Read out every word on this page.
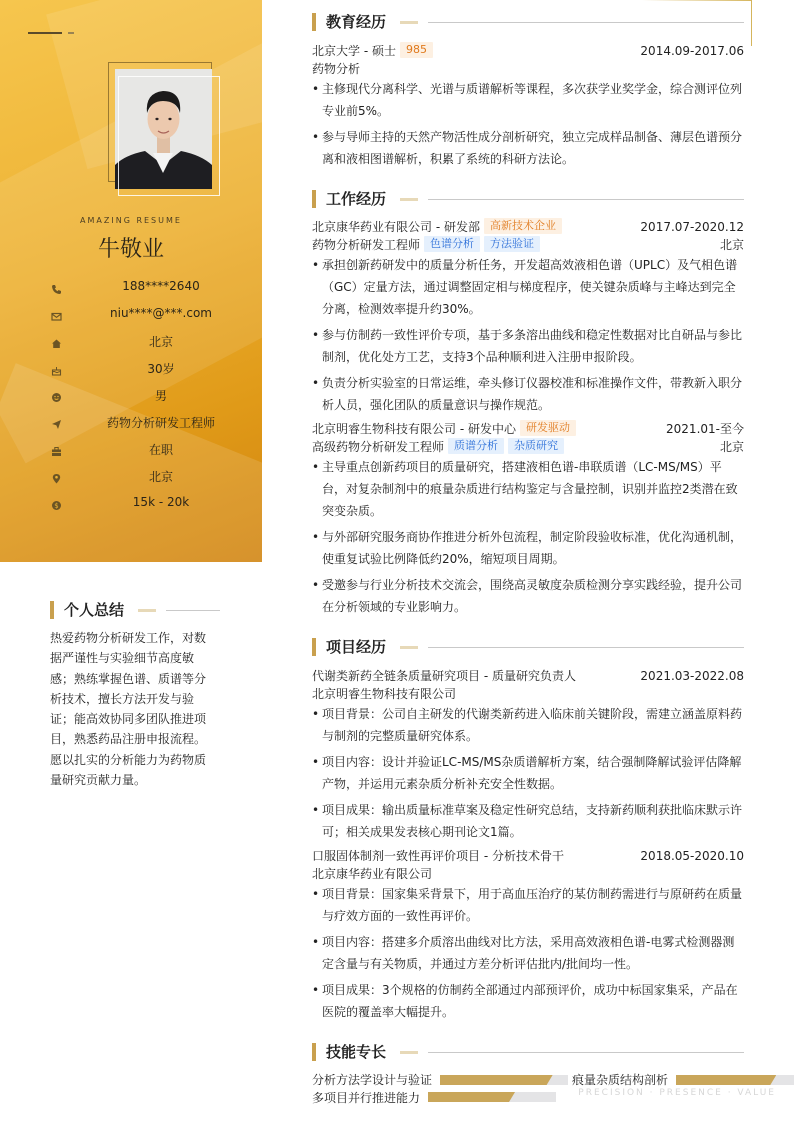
AMAZING RESUME
牛敬业
188****2640
niu****@***.com
北京
30岁
男
药物分析研发工程师
在职
北京
$	15k - 20k
个人总结
热爱药物分析研发工作，对数据严谨性与实验细节高度敏感；熟练掌握色谱、质谱等分析技术，擅长方法开发与验证；能高效协同多团队推进项目，熟悉药品注册申报流程。愿以扎实的分析能力为药物质量研究贡献力量。
教育经历
北京大学 - 硕士 985	2014.09-2017.06
药物分析
• 主修现代分离科学、光谱与质谱解析等课程，多次获学业奖学金，综合测评位列专业前5%。
• 参与导师主持的天然产物活性成分剖析研究，独立完成样品制备、薄层色谱预分离和液相图谱解析，积累了系统的科研方法论。
工作经历
北京康华药业有限公司 - 研发部 高新技术企业	2017.07-2020.12
药物分析研发工程师 色谱分析 方法验证	北京
• 承担创新药研发中的质量分析任务，开发超高效液相色谱（UPLC）及气相色谱（GC）定量方法，通过调整固定相与梯度程序，使关键杂质峰与主峰达到完全分离，检测效率提升约30%。
• 参与仿制药一致性评价专项，基于多条溶出曲线和稳定性数据对比自研品与参比制剂，优化处方工艺，支持3个品种顺利进入注册申报阶段。
• 负责分析实验室的日常运维，牵头修订仪器校准和标准操作文件，带教新入职分析人员，强化团队的质量意识与操作规范。
北京明睿生物科技有限公司 - 研发中心 研发驱动	2021.01-至今
高级药物分析研发工程师 质谱分析 杂质研究	北京
• 主导重点创新药项目的质量研究，搭建液相色谱-串联质谱（LC-MS/MS）平台，对复杂制剂中的痕量杂质进行结构鉴定与含量控制，识别并监控2类潜在致突变杂质。
• 与外部研究服务商协作推进分析外包流程，制定阶段验收标准，优化沟通机制，使重复试验比例降低约20%，缩短项目周期。
• 受邀参与行业分析技术交流会，围绕高灵敏度杂质检测分享实践经验，提升公司在分析领域的专业影响力。
项目经历
代谢类新药全链条质量研究项目 - 质量研究负责人	2021.03-2022.08
北京明睿生物科技有限公司
• 项目背景：公司自主研发的代谢类新药进入临床前关键阶段，需建立涵盖原料药与制剂的完整质量研究体系。
• 项目内容：设计并验证LC-MS/MS杂质谱解析方案，结合强制降解试验评估降解产物，并运用元素杂质分析补充安全性数据。
• 项目成果：输出质量标准草案及稳定性研究总结，支持新药顺利获批临床默示许可；相关成果发表核心期刊论文1篇。
口服固体制剂一致性再评价项目 - 分析技术骨干	2018.05-2020.10
北京康华药业有限公司
• 项目背景：国家集采背景下，用于高血压治疗的某仿制药需进行与原研药在质量与疗效方面的一致性再评价。
• 项目内容：搭建多介质溶出曲线对比方法，采用高效液相色谱-电雾式检测器测定含量与有关物质，并通过方差分析评估批内/批间均一性。
• 项目成果：3个规格的仿制药全部通过内部预评价，成功中标国家集采，产品在医院的覆盖率大幅提升。
技能专长
分析方法学设计与验证	痕量杂质结构剖析
多项目并行推进能力	PRECISION · PRESENCE · VALUE
